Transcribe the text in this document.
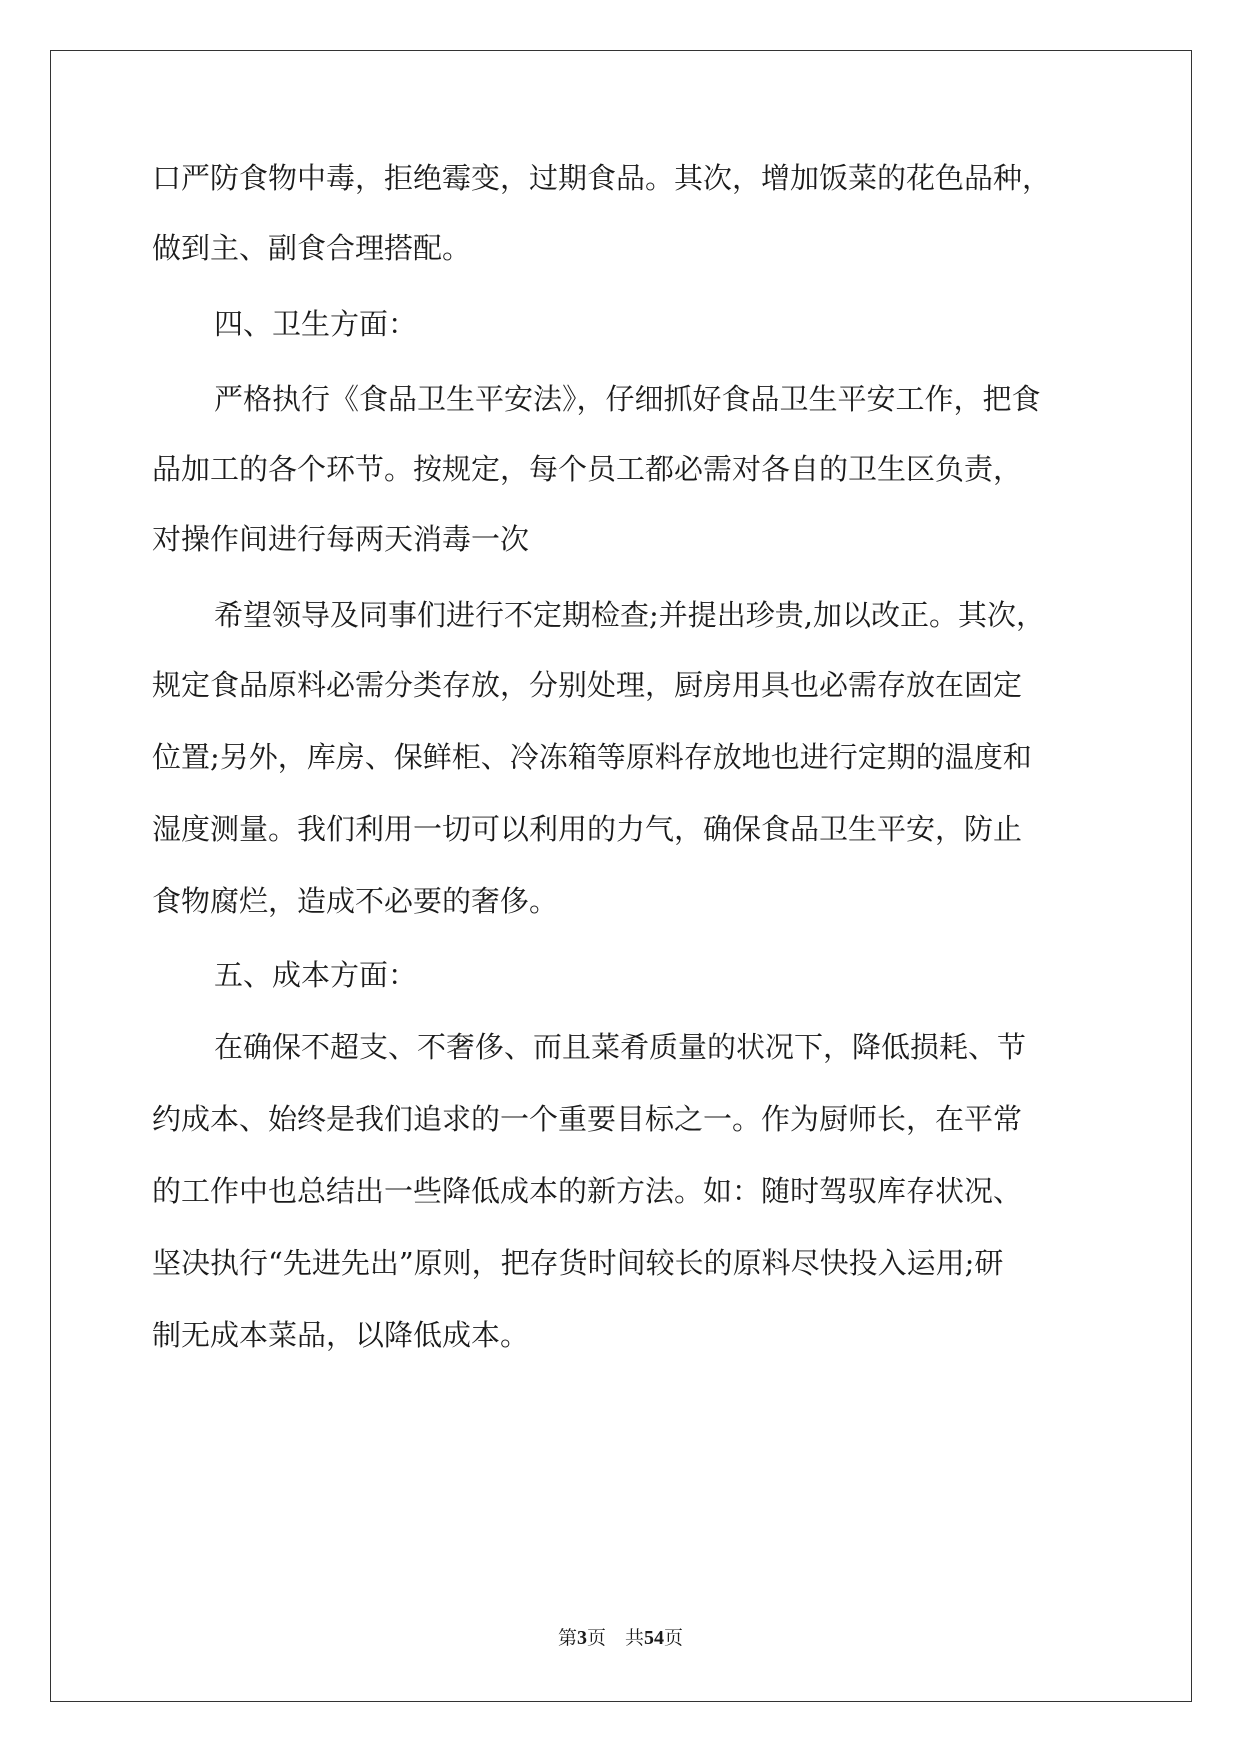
口严防食物中毒，拒绝霉变，过期食品。其次，增加饭菜的花色品种，
做到主、副食合理搭配。
四、卫生方面：
严格执行《食品卫生平安法》，仔细抓好食品卫生平安工作，把食
品加工的各个环节。按规定，每个员工都必需对各自的卫生区负责，
对操作间进行每两天消毒一次
希望领导及同事们进行不定期检查;并提出珍贵,加以改正。其次，
规定食品原料必需分类存放，分别处理，厨房用具也必需存放在固定
位置;另外，库房、保鲜柜、冷冻箱等原料存放地也进行定期的温度和
湿度测量。我们利用一切可以利用的力气，确保食品卫生平安，防止
食物腐烂，造成不必要的奢侈。
五、成本方面：
在确保不超支、不奢侈、而且菜肴质量的状况下，降低损耗、节
约成本、始终是我们追求的一个重要目标之一。作为厨师长，在平常
的工作中也总结出一些降低成本的新方法。如：随时驾驭库存状况、
坚决执行“先进先出”原则，把存货时间较长的原料尽快投入运用;研
制无成本菜品，以降低成本。
第3页　共54页
